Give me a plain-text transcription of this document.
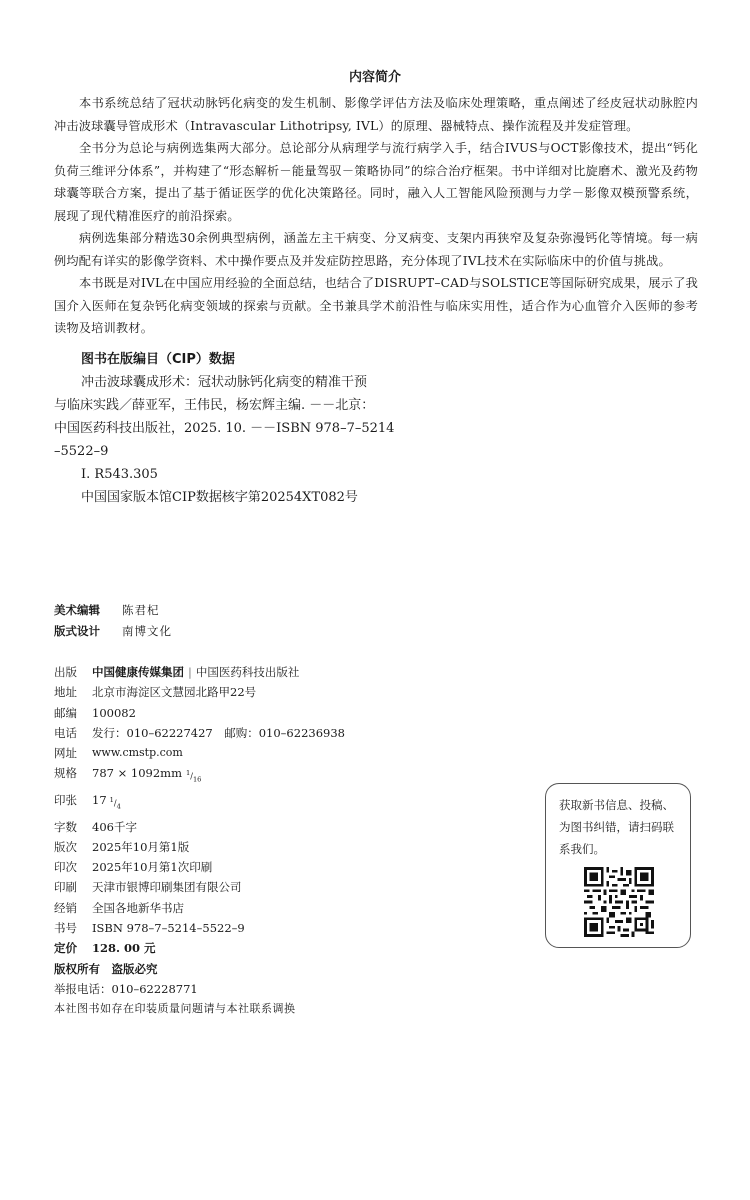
内容简介

本书系统总结了冠状动脉钙化病变的发生机制、影像学评估方法及临床处理策略，重点阐述了经皮冠状动脉腔内冲击波球囊导管成形术（Intravascular Lithotripsy, IVL）的原理、器械特点、操作流程及并发症管理。

全书分为总论与病例选集两大部分。总论部分从病理学与流行病学入手，结合IVUS与OCT影像技术，提出“钙化负荷三维评分体系”，并构建了“形态解析－能量驾驭－策略协同”的综合治疗框架。书中详细对比旋磨术、激光及药物球囊等联合方案，提出了基于循证医学的优化决策路径。同时，融入人工智能风险预测与力学－影像双模预警系统，展现了现代精准医疗的前沿探索。

病例选集部分精选30余例典型病例，涵盖左主干病变、分叉病变、支架内再狭窄及复杂弥漫钙化等情境。每一病例均配有详实的影像学资料、术中操作要点及并发症防控思路，充分体现了IVL技术在实际临床中的价值与挑战。

本书既是对IVL在中国应用经验的全面总结，也结合了DISRUPT–CAD与SOLSTICE等国际研究成果，展示了我国介入医师在复杂钙化病变领域的探索与贡献。全书兼具学术前沿性与临床实用性，适合作为心血管介入医师的参考读物及培训教材。

图书在版编目（CIP）数据
冲击波球囊成形术：冠状动脉钙化病变的精准干预
与临床实践／薛亚军，王伟民，杨宏辉主编. －－北京：
中国医药科技出版社，2025. 10. －－ISBN 978–7–5214
–5522–9
Ⅰ. R543.305
中国国家版本馆CIP数据核字第20254XT082号
美术编辑	陈君杞
版式设计	南博文化
出版	中国健康传媒集团 | 中国医药科技出版社
地址	北京市海淀区文慧园北路甲22号
邮编	100082
电话	发行：010–62227427　邮购：010–62236938
网址	www.cmstp.com
规格	787 × 1092mm $^1/_{16}$
印张	17 $^1/_4$
字数	406千字
版次	2025年10月第1版
印次	2025年10月第1次印刷
印刷	天津市银博印刷集团有限公司
经销	全国各地新华书店
书号	ISBN 978–7–5214–5522–9
定价	128. 00 元
版权所有　盗版必究
举报电话：010–62228771
本社图书如存在印装质量问题请与本社联系调换
获取新书信息、投稿、为图书纠错，请扫码联系我们。
